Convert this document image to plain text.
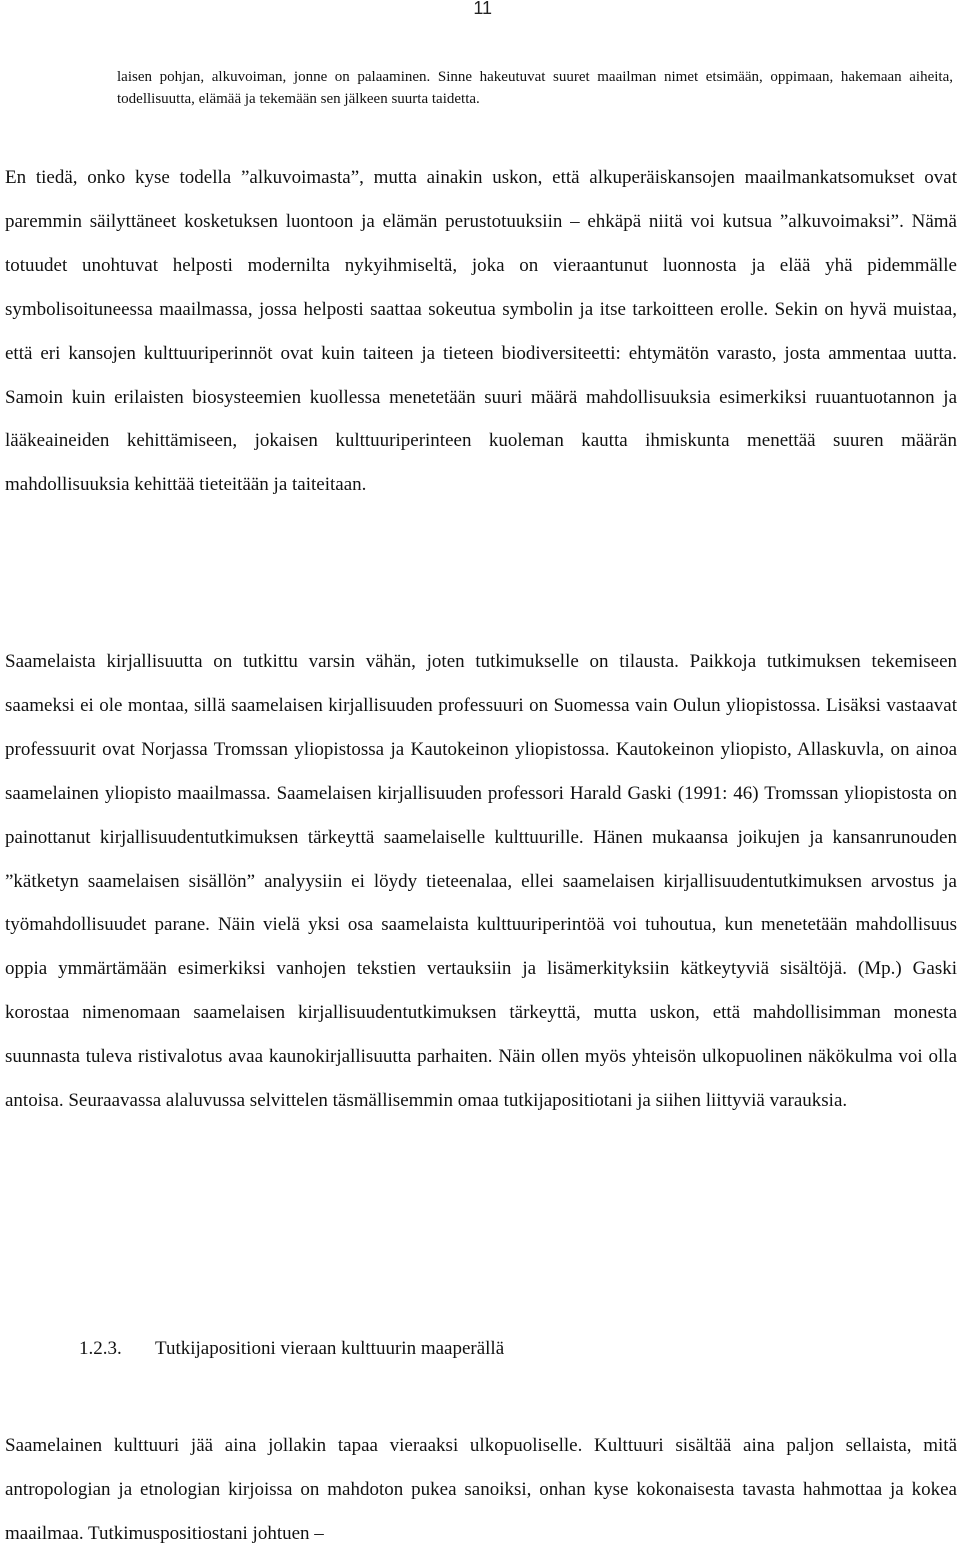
11

laisen pohjan, alkuvoiman, jonne on palaaminen. Sinne hakeutuvat suuret maailman nimet etsimään, oppimaan, hakemaan aiheita, todellisuutta, elämää ja tekemään sen jälkeen suurta taidetta.

En tiedä, onko kyse todella ”alkuvoimasta”, mutta ainakin uskon, että alkuperäiskansojen maailmankatsomukset ovat paremmin säilyttäneet kosketuksen luontoon ja elämän perustotuuksiin – ehkäpä niitä voi kutsua ”alkuvoimaksi”. Nämä totuudet unohtuvat helposti modernilta nykyihmiseltä, joka on vieraantunut luonnosta ja elää yhä pidemmälle symbolisoituneessa maailmassa, jossa helposti saattaa sokeutua symbolin ja itse tarkoitteen erolle. Sekin on hyvä muistaa, että eri kansojen kulttuuriperinnöt ovat kuin taiteen ja tieteen biodiversiteetti: ehtymätön varasto, josta ammentaa uutta. Samoin kuin erilaisten biosysteemien kuollessa menetetään suuri määrä mahdollisuuksia esimerkiksi ruuantuotannon ja lääkeaineiden kehittämiseen, jokaisen kulttuuriperinteen kuoleman kautta ihmiskunta menettää suuren määrän mahdollisuuksia kehittää tieteitään ja taiteitaan.

Saamelaista kirjallisuutta on tutkittu varsin vähän, joten tutkimukselle on tilausta. Paikkoja tutkimuksen tekemiseen saameksi ei ole montaa, sillä saamelaisen kirjallisuuden professuuri on Suomessa vain Oulun yliopistossa. Lisäksi vastaavat professuurit ovat Norjassa Tromssan yliopistossa ja Kautokeinon yliopistossa. Kautokeinon yliopisto, Allaskuvla, on ainoa saamelainen yliopisto maailmassa. Saamelaisen kirjallisuuden professori Harald Gaski (1991: 46) Tromssan yliopistosta on painottanut kirjallisuudentutkimuksen tärkeyttä saamelaiselle kulttuurille. Hänen mukaansa joikujen ja kansanrunouden ”kätketyn saamelaisen sisällön” analyysiin ei löydy tieteenalaa, ellei saamelaisen kirjallisuudentutkimuksen arvostus ja työmahdollisuudet parane. Näin vielä yksi osa saamelaista kulttuuriperintöä voi tuhoutua, kun menetetään mahdollisuus oppia ymmärtämään esimerkiksi vanhojen tekstien vertauksiin ja lisämerkityksiin kätkeytyviä sisältöjä. (Mp.) Gaski korostaa nimenomaan saamelaisen kirjallisuudentutkimuksen tärkeyttä, mutta uskon, että mahdollisimman monesta suunnasta tuleva ristivalotus avaa kaunokirjallisuutta parhaiten. Näin ollen myös yhteisön ulkopuolinen näkökulma voi olla antoisa. Seuraavassa alaluvussa selvittelen täsmällisemmin omaa tutkijapositiotani ja siihen liittyviä varauksia.

1.2.3. Tutkijapositioni vieraan kulttuurin maaperällä

Saamelainen kulttuuri jää aina jollakin tapaa vieraaksi ulkopuoliselle. Kulttuuri sisältää aina paljon sellaista, mitä antropologian ja etnologian kirjoissa on mahdoton pukea sanoiksi, onhan kyse kokonaisesta tavasta hahmottaa ja kokea maailmaa. Tutkimuspositiostani johtuen –
